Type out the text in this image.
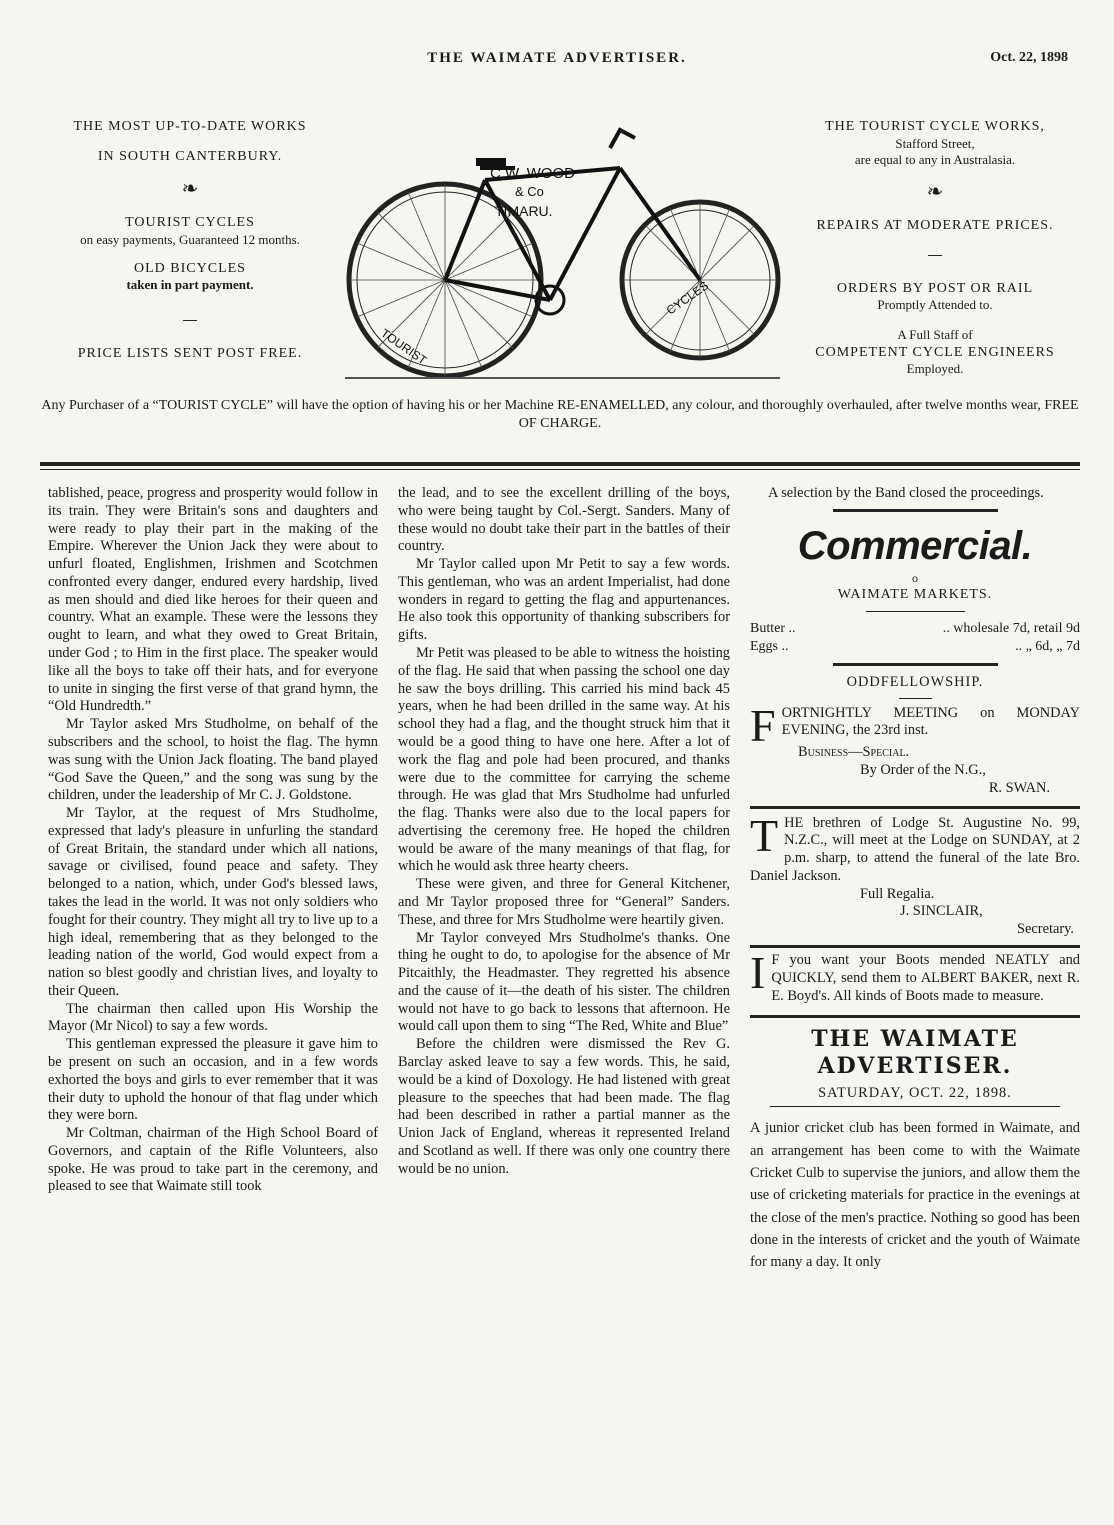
THE WAIMATE ADVERTISER.	Oct. 22, 1898
THE MOST UP-TO-DATE WORKS
IN SOUTH CANTERBURY.
❧
TOURIST CYCLES
on easy payments, Guaranteed 12 months.
OLD BICYCLES
taken in part payment.
PRICE LISTS SENT POST FREE.
C.W. WOOD
& Co
TIMARU.
TOURIST
CYCLES
THE TOURIST CYCLE WORKS,
Stafford Street,
are equal to any in Australasia.
❧
REPAIRS AT MODERATE PRICES.
ORDERS BY POST OR RAIL
Promptly Attended to.
A Full Staff of
COMPETENT CYCLE ENGINEERS
Employed.
Any Purchaser of a “TOURIST CYCLE” will have the option of having his or her Machine RE-ENAMELLED, any colour, and thoroughly overhauled, after twelve months wear, FREE OF CHARGE.

tablished, peace, progress and prosperity would follow in its train. They were Britain's sons and daughters and were ready to play their part in the making of the Empire. Wherever the Union Jack they were about to unfurl floated, Englishmen, Irishmen and Scotchmen confronted every danger, endured every hardship, lived as men should and died like heroes for their queen and country. What an example. These were the lessons they ought to learn, and what they owed to Great Britain, under God ; to Him in the first place. The speaker would like all the boys to take off their hats, and for everyone to unite in singing the first verse of that grand hymn, the “Old Hundredth.”

Mr Taylor asked Mrs Studholme, on behalf of the subscribers and the school, to hoist the flag. The hymn was sung with the Union Jack floating. The band played “God Save the Queen,” and the song was sung by the children, under the leadership of Mr C. J. Goldstone.

Mr Taylor, at the request of Mrs Studholme, expressed that lady's pleasure in unfurling the standard of Great Britain, the standard under which all nations, savage or civilised, found peace and safety. They belonged to a nation, which, under God's blessed laws, takes the lead in the world. It was not only soldiers who fought for their country. They might all try to live up to a high ideal, remembering that as they belonged to the leading nation of the world, God would expect from a nation so blest goodly and christian lives, and loyalty to their Queen.

The chairman then called upon His Worship the Mayor (Mr Nicol) to say a few words.

This gentleman expressed the pleasure it gave him to be present on such an occasion, and in a few words exhorted the boys and girls to ever remember that it was their duty to uphold the honour of that flag under which they were born.

Mr Coltman, chairman of the High School Board of Governors, and captain of the Rifle Volunteers, also spoke. He was proud to take part in the ceremony, and pleased to see that Waimate still took

the lead, and to see the excellent drilling of the boys, who were being taught by Col.-Sergt. Sanders. Many of these would no doubt take their part in the battles of their country.

Mr Taylor called upon Mr Petit to say a few words. This gentleman, who was an ardent Imperialist, had done wonders in regard to getting the flag and appurtenances. He also took this opportunity of thanking subscribers for gifts.

Mr Petit was pleased to be able to witness the hoisting of the flag. He said that when passing the school one day he saw the boys drilling. This carried his mind back 45 years, when he had been drilled in the same way. At his school they had a flag, and the thought struck him that it would be a good thing to have one here. After a lot of work the flag and pole had been procured, and thanks were due to the committee for carrying the scheme through. He was glad that Mrs Studholme had unfurled the flag. Thanks were also due to the local papers for advertising the ceremony free. He hoped the children would be aware of the many meanings of that flag, for which he would ask three hearty cheers.

These were given, and three for General Kitchener, and Mr Taylor proposed three for “General” Sanders. These, and three for Mrs Studholme were heartily given.

Mr Taylor conveyed Mrs Studholme's thanks. One thing he ought to do, to apologise for the absence of Mr Pitcaithly, the Headmaster. They regretted his absence and the cause of it—the death of his sister. The children would not have to go back to lessons that afternoon. He would call upon them to sing “The Red, White and Blue”

Before the children were dismissed the Rev G. Barclay asked leave to say a few words. This, he said, would be a kind of Doxology. He had listened with great pleasure to the speeches that had been made. The flag had been described in rather a partial manner as the Union Jack of England, whereas it represented Ireland and Scotland as well. If there was only one country there would be no union.

A selection by the Band closed the proceedings.

Commercial.
o
WAIMATE MARKETS.
Butter ..	.. wholesale 7d, retail 9d
Eggs ..	.. „ 6d, „ 7d
ODDFELLOWSHIP.
F ORTNIGHTLY MEETING on MONDAY EVENING, the 23rd inst.
Business—Special.
By Order of the N.G.,
R. SWAN.
T HE brethren of Lodge St. Augustine No. 99, N.Z.C., will meet at the Lodge on SUNDAY, at 2 p.m. sharp, to attend the funeral of the late Bro. Daniel Jackson.
Full Regalia.
J. SINCLAIR,
Secretary.
I F you want your Boots mended NEATLY and QUICKLY, send them to ALBERT BAKER, next R. E. Boyd's. All kinds of Boots made to measure.
THE WAIMATE ADVERTISER.
SATURDAY, OCT. 22, 1898.

A junior cricket club has been formed in Waimate, and an arrangement has been come to with the Waimate Cricket Culb to supervise the juniors, and allow them the use of cricketing materials for practice in the evenings at the close of the men's practice. Nothing so good has been done in the interests of cricket and the youth of Waimate for many a day. It only
